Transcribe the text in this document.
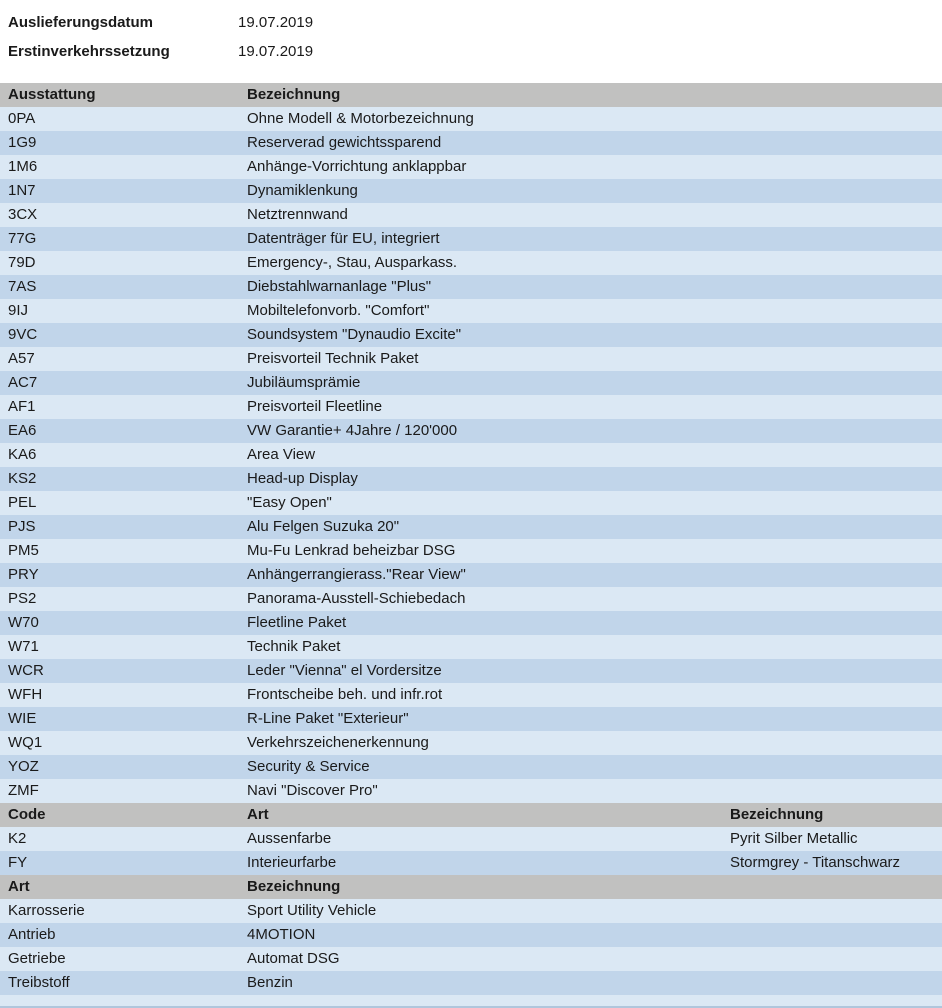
Auslieferungsdatum	19.07.2019
Erstinverkehrssetzung	19.07.2019
Ausstattung	Bezeichnung
0PA	Ohne Modell & Motorbezeichnung
1G9	Reserverad gewichtssparend
1M6	Anhänge-Vorrichtung anklappbar
1N7	Dynamiklenkung
3CX	Netztrennwand
77G	Datenträger für EU, integriert
79D	Emergency-, Stau, Ausparkass.
7AS	Diebstahlwarnanlage "Plus"
9IJ	Mobiltelefonvorb. "Comfort"
9VC	Soundsystem "Dynaudio Excite"
A57	Preisvorteil Technik Paket
AC7	Jubiläumsprämie
AF1	Preisvorteil Fleetline
EA6	VW Garantie+ 4Jahre / 120'000
KA6	Area View
KS2	Head-up Display
PEL	"Easy Open"
PJS	Alu Felgen Suzuka 20"
PM5	Mu-Fu Lenkrad beheizbar DSG
PRY	Anhängerrangierass."Rear View"
PS2	Panorama-Ausstell-Schiebedach
W70	Fleetline Paket
W71	Technik Paket
WCR	Leder "Vienna" el Vordersitze
WFH	Frontscheibe beh. und infr.rot
WIE	R-Line Paket "Exterieur"
WQ1	Verkehrszeichenerkennung
YOZ	Security & Service
ZMF	Navi "Discover Pro"
Code	Art	Bezeichnung
K2	Aussenfarbe	Pyrit Silber Metallic
FY	Interieurfarbe	Stormgrey - Titanschwarz
Art	Bezeichnung
Karrosserie	Sport Utility Vehicle
Antrieb	4MOTION
Getriebe	Automat DSG
Treibstoff	Benzin
